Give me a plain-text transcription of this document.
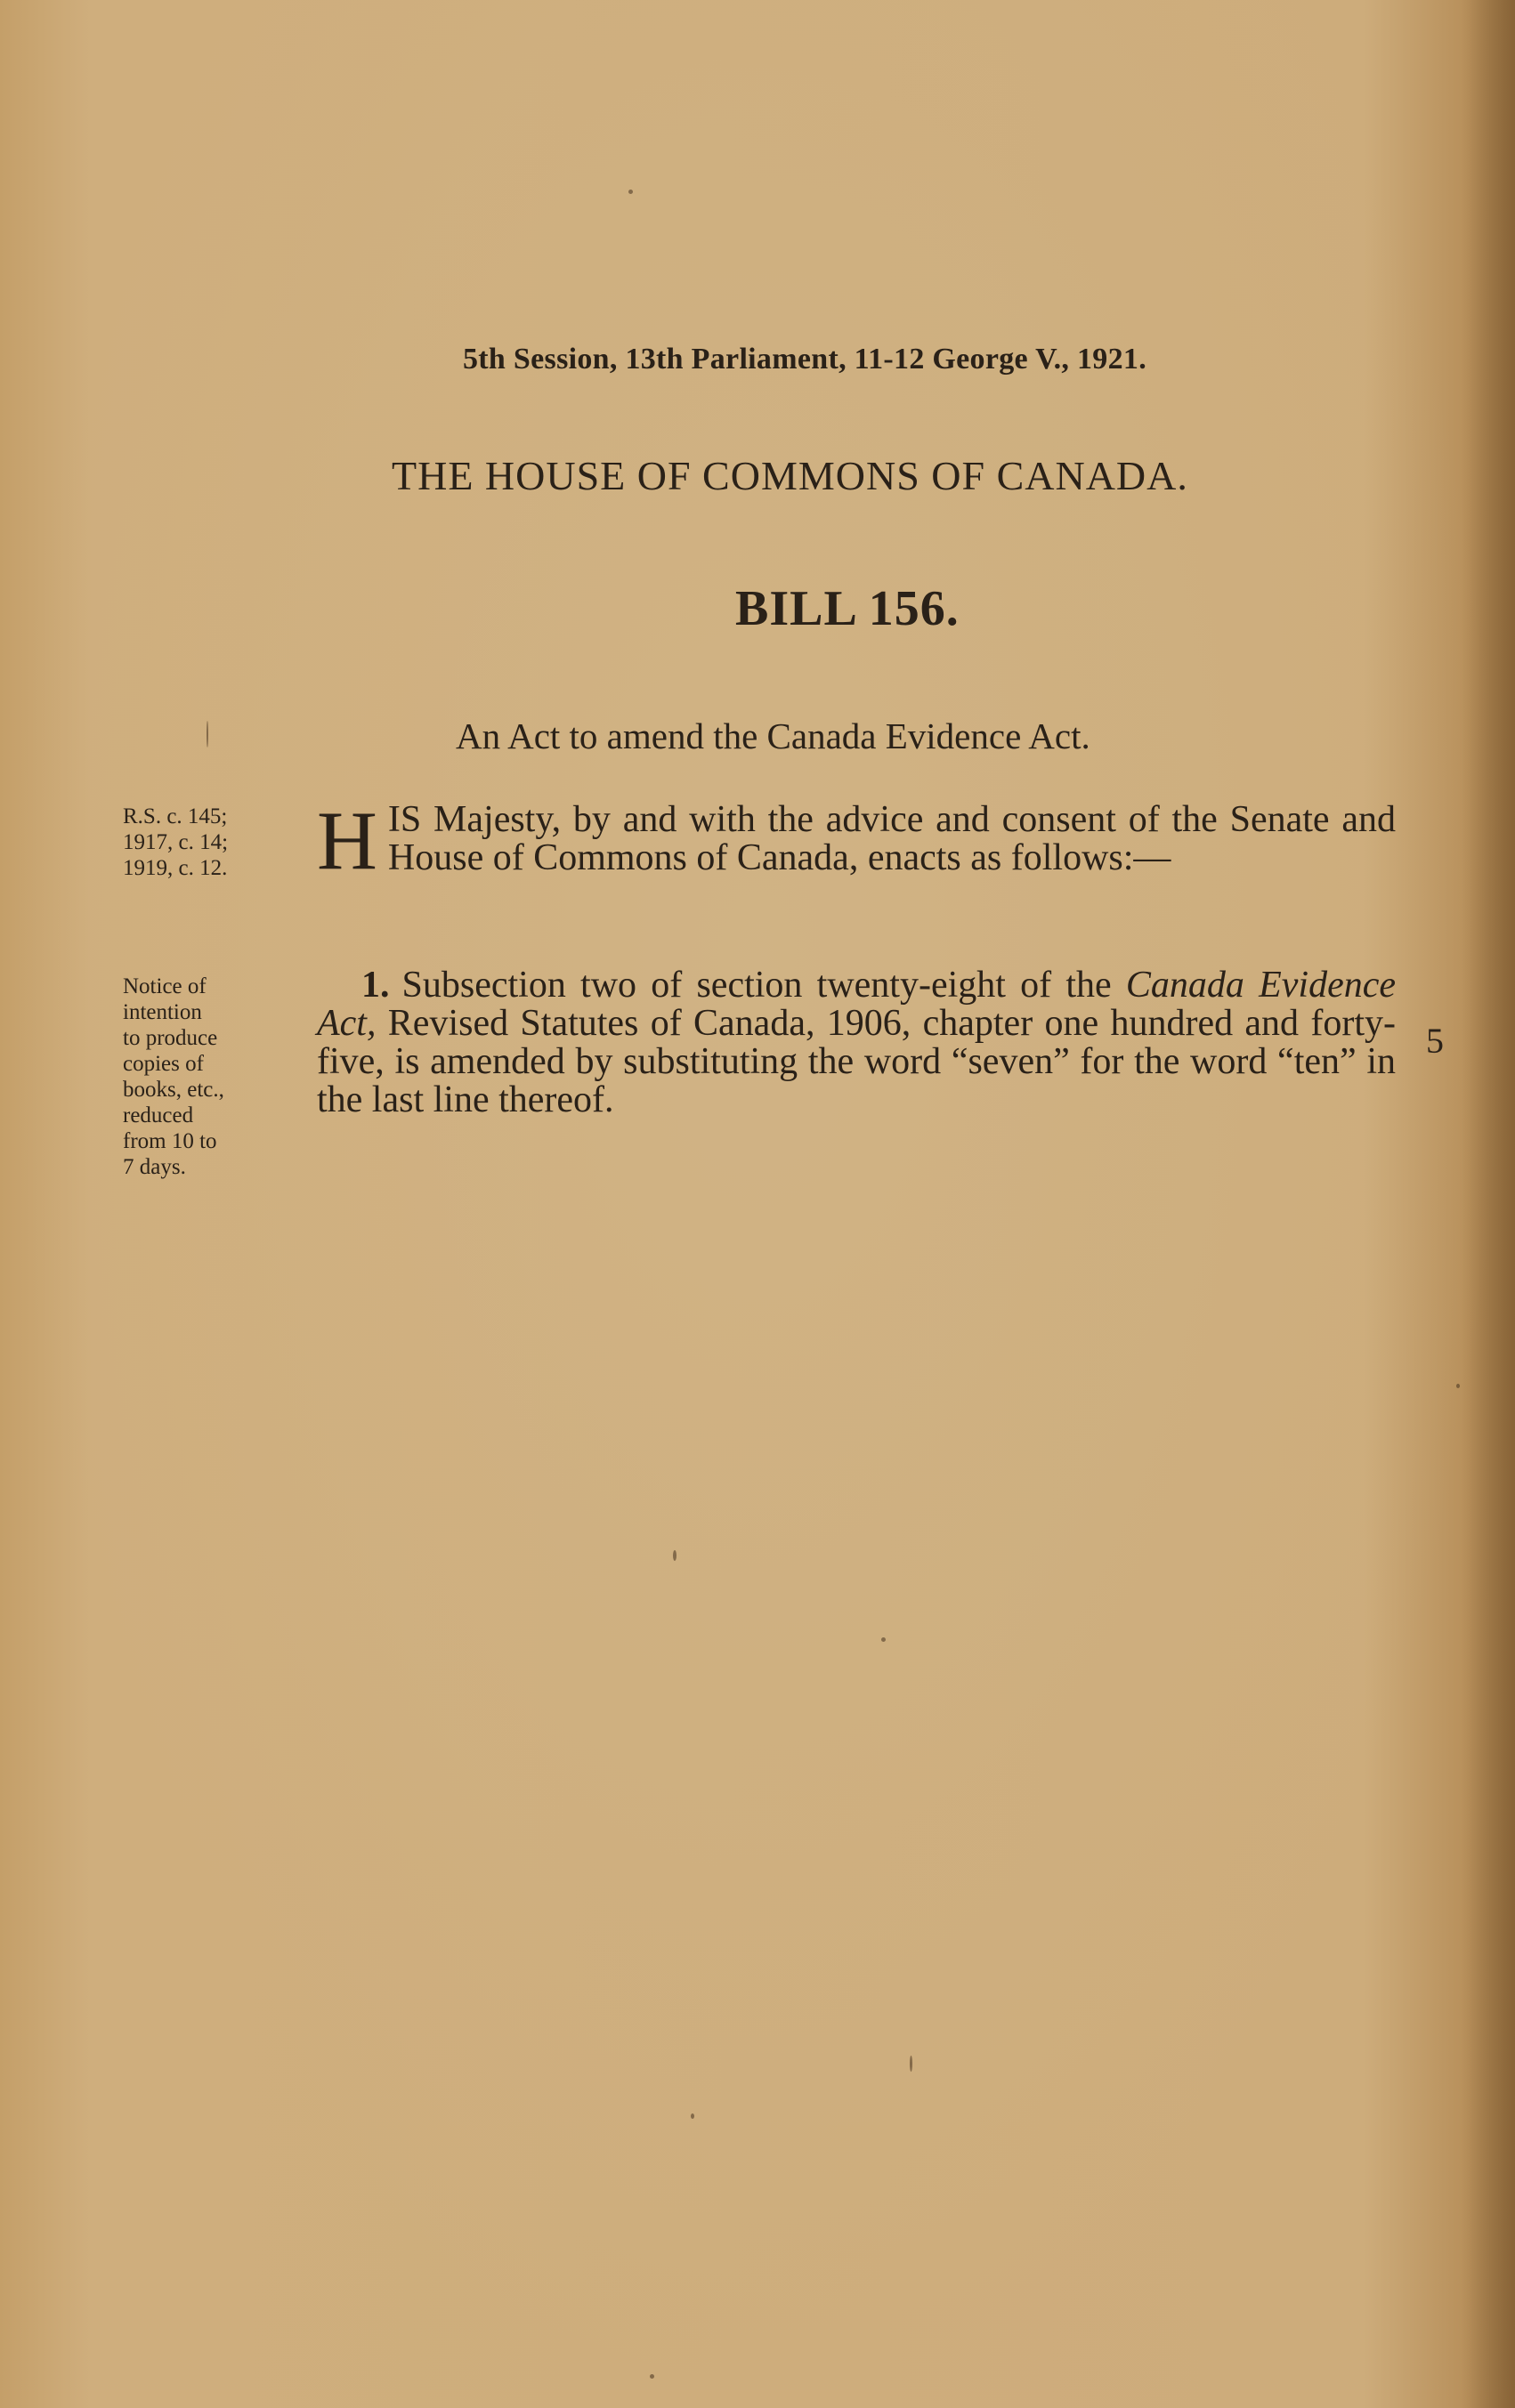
5th Session, 13th Parliament, 11-12 George V., 1921.
THE HOUSE OF COMMONS OF CANADA.
BILL 156.
An Act to amend the Canada Evidence Act.
R.S. c. 145;
1917, c. 14;
1919, c. 12.	HIS Majesty, by and with the advice and consent of the Senate and House of Commons of Canada, enacts as follows:—
Notice of
intention
to produce
copies of
books, etc.,
reduced
from 10 to
7 days.
1. Subsection two of section twenty-eight of the Canada Evidence Act, Revised Statutes of Canada, 1906, chapter one hundred and forty-five, is amended by substituting the word “seven” for the word “ten” in the last line thereof.
5
